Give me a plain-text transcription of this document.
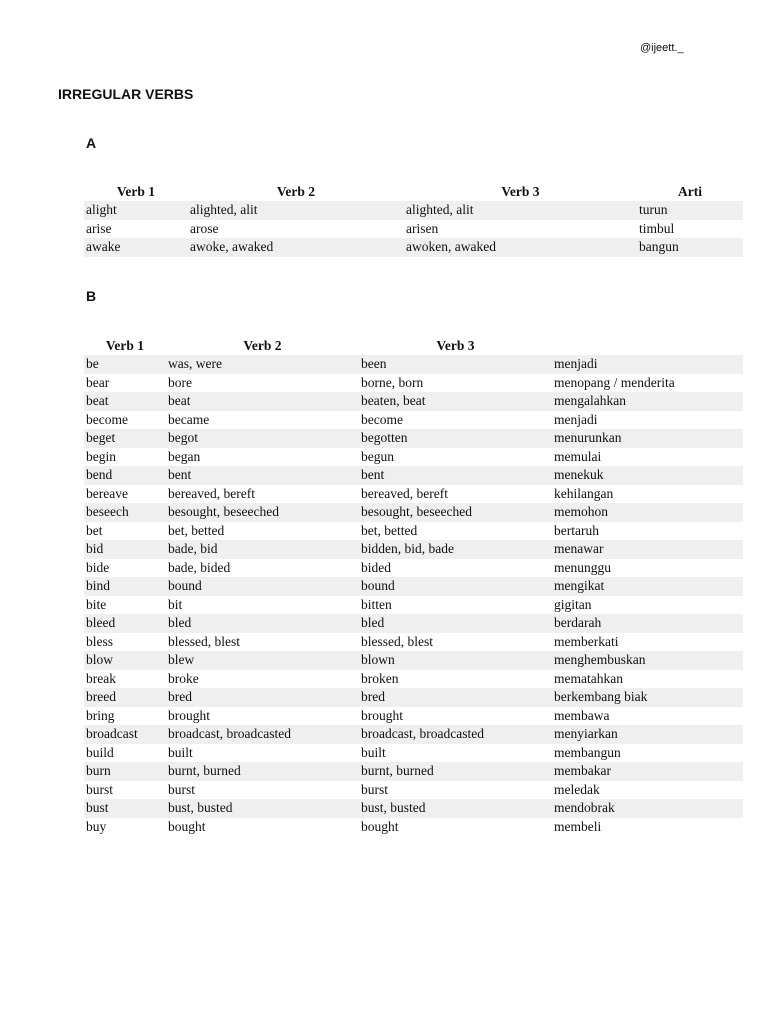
@ijeett._
IRREGULAR VERBS
A
Verb 1	Verb 2	Verb 3	Arti
alight	alighted, alit	alighted, alit	turun
arise	arose	arisen	timbul
awake	awoke, awaked	awoken, awaked	bangun
B
Verb 1	Verb 2	Verb 3	
be	was, were	been	menjadi
bear	bore	borne, born	menopang / menderita
beat	beat	beaten, beat	mengalahkan
become	became	become	menjadi
beget	begot	begotten	menurunkan
begin	began	begun	memulai
bend	bent	bent	menekuk
bereave	bereaved, bereft	bereaved, bereft	kehilangan
beseech	besought, beseeched	besought, beseeched	memohon
bet	bet, betted	bet, betted	bertaruh
bid	bade, bid	bidden, bid, bade	menawar
bide	bade, bided	bided	menunggu
bind	bound	bound	mengikat
bite	bit	bitten	gigitan
bleed	bled	bled	berdarah
bless	blessed, blest	blessed, blest	memberkati
blow	blew	blown	menghembuskan
break	broke	broken	mematahkan
breed	bred	bred	berkembang biak
bring	brought	brought	membawa
broadcast	broadcast, broadcasted	broadcast, broadcasted	menyiarkan
build	built	built	membangun
burn	burnt, burned	burnt, burned	membakar
burst	burst	burst	meledak
bust	bust, busted	bust, busted	mendobrak
buy	bought	bought	membeli
